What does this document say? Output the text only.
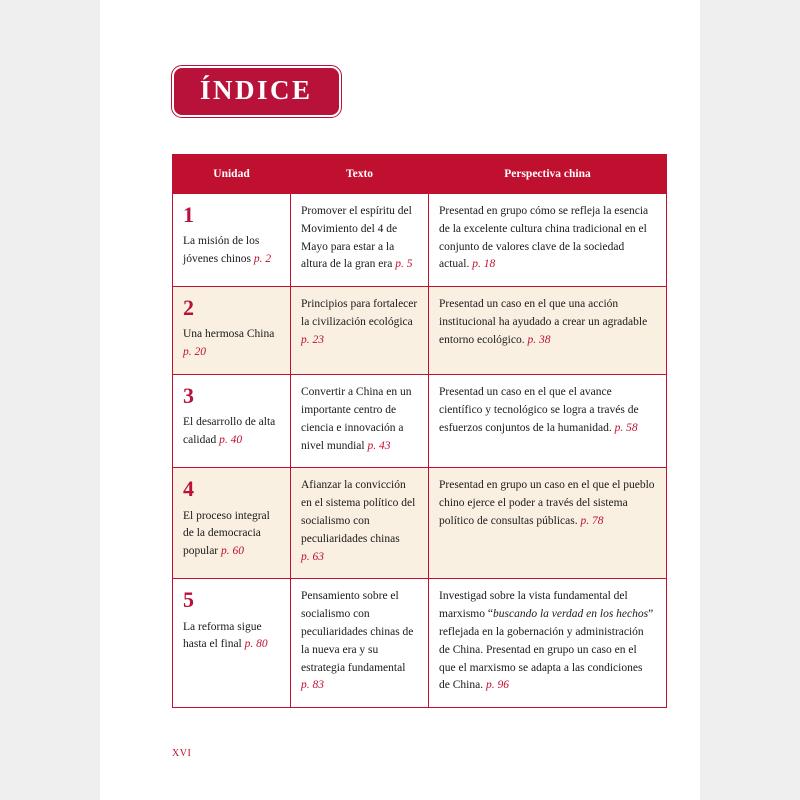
ÍNDICE
Unidad	Texto	Perspectiva china

1
La misión de los jóvenes chinos p. 2	Promover el espíritu del Movimiento del 4 de Mayo para estar a la altura de la gran era p. 5	Presentad en grupo cómo se refleja la esencia de la excelente cultura china tradicional en el conjunto de valores clave de la sociedad actual. p. 18

2
Una hermosa China p. 20	Principios para fortalecer la civilización ecológica p. 23	Presentad un caso en el que una acción institucional ha ayudado a crear un agradable entorno ecológico. p. 38

3
El desarrollo de alta calidad p. 40	Convertir a China en un importante centro de ciencia e innovación a nivel mundial p. 43	Presentad un caso en el que el avance científico y tecnológico se logra a través de esfuerzos conjuntos de la humanidad. p. 58

4
El proceso integral de la democracia popular p. 60	Afianzar la convicción en el sistema político del socialismo con peculiaridades chinas p. 63	Presentad en grupo un caso en el que el pueblo chino ejerce el poder a través del sistema político de consultas públicas. p. 78

5
La reforma sigue hasta el final p. 80	Pensamiento sobre el socialismo con peculiaridades chinas de la nueva era y su estrategia fundamental p. 83	Investigad sobre la vista fundamental del marxismo “buscando la verdad en los hechos” reflejada en la gobernación y administración de China. Presentad en grupo un caso en el que el marxismo se adapta a las condiciones de China. p. 96
XVI
